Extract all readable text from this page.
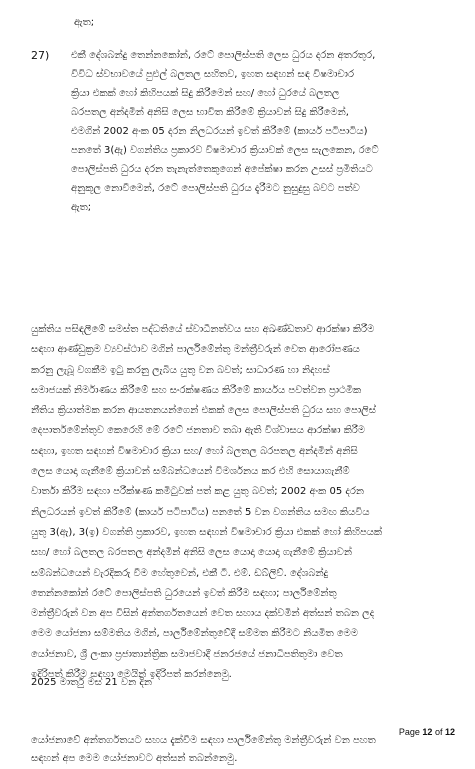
ඇත;
27)	එකී දේශබන්දු තෙන්නකෝන්, රටේ පොලිස්පති ලෙස ධුරය දරන අතරතුර,
විවිධ ස්වභාවයේ පුළුල් බලතල සහිතව, ඉහත සඳහන් සඳ විෂමාචාර
ක්‍රියා එකක් හෝ කිහිපයක් සිදු කිරීමෙන් සහ/ හෝ ධුරයේ බලතල
බරපතල අන්දමින් අනිසි ලෙස භාවිත කිරීමේ ක්‍රියාවන් සිදු කිරීමෙන්,
එමගින් 2002 අංක 05 දරන නිලධරයන් ඉවත් කිරීමේ (කාර්ය පටිපාටිය)
පනතේ 3(ඇ) වගන්තිය ප්‍රකාරව විෂමාචාර ක්‍රියාවක් ලෙස සැලකෙන, රටේ
පොලිස්පති ධුරය දරන තැනැත්තෙකුගෙන් අපේක්ෂා කරන උසස් ප්‍රමිතියට
අනුකූල නොවීමෙන්, රටේ පොලිස්පති ධුරය දැරීමට නුසුදුසු බවට පත්ව
ඇත;
යුක්තිය පසිඳලීමේ සමස්ත පද්ධතියේ ස්වාධීනත්වය සහ අඛණ්ඩතාව ආරක්ෂා කිරීම
සඳහා ආණ්ඩුක්‍රම ව්‍යවස්ථාව මගින් පාර්ලිමේන්තු මන්ත්‍රීවරුන් වෙත ආරෝපණය
කරනු ලැබූ වගකීම ඉටු කරනු ලැබිය යුතු වන බවත්; සාධාරණ හා නිදහස්
සමාජයක් නිර්මාණය කිරීමේ සහ සංරක්ෂණය කිරීමේ කාර්යය පවත්වන ප්‍රාථමික
නීතිය ක්‍රියාත්මක කරන ආයතනයන්ගෙන් එකක් ලෙස පොලිස්පති ධුරය සහ පොලිස්
දෙපාර්තමේන්තුව කෙරෙහි මේ රටේ ජනතාව තබා ඇති විශ්වාසය ආරක්ෂා කිරීම
සඳහා, ඉහත සඳහන් විෂමාචාර ක්‍රියා සහ/ හෝ බලතල බරපතල අන්දමින් අනිසි
ලෙස යොදා ගැනීමේ ක්‍රියාවන් සම්බන්ධයෙන් විමර්ශනය කර එහි සොයාගැනීම්
වාර්තා කිරීම සඳහා පරීක්ෂණ කමිටුවක් පත් කළ යුතු බවත්; 2002 අංක 05 දරන
නිලධරයන් ඉවත් කිරීමේ (කාර්ය පටිපාටිය) පනතේ 5 වන වගන්තිය සමඟ කියවිය
යුතු 3(ඇ), 3(ඉ) වගන්ති ප්‍රකාරව, ඉහත සඳහන් විෂමාචාර ක්‍රියා එකක් හෝ කිහිපයක්
සහ/ හෝ බලතල බරපතල අන්දමින් අනිසි ලෙස යොදා යොදා ගැනීමේ ක්‍රියාවන්
සම්බන්ධයෙන් වැරදිකරු වීම හේතුවෙන්, එකී ටී. එම්. ඩබ්ලිව්. දේශබන්දු
තෙන්නකෝන් රටේ පොලිස්පති ධුරයෙන් ඉවත් කිරීම සඳහා; පාර්ලිමේන්තු
මන්ත්‍රීවරුන් වන අප විසින් අන්තර්ගතයෙන් වෙත සහාය දක්වමින් අත්සන් තබන ලද
මෙම යෝජනා සම්මතිය මගින්, පාර්ලිමේන්තුවේදී සම්මත කිරීමට නියමිත මෙම
යෝජනාව, ශ්‍රී ලංකා ප්‍රජාතාන්ත්‍රික සමාජවාදී ජනරජයේ ජනාධිපතිතුමා වෙත
ඉදිරිපත් කිරීම සඳහා මෙයින් ඉදිරිපත් කරන්නෙමු.
2025 මාර්තු මස 21 වන දින
යෝජනාවේ අන්තර්ගතයට සහය දැක්වීම සඳහා පාර්ලිමේන්තු මන්ත්‍රීවරුන් වන පහත
සඳහන් අප මෙම යෝජනාවට අත්සන් තබන්නෙමු.
Page 12 of 12
